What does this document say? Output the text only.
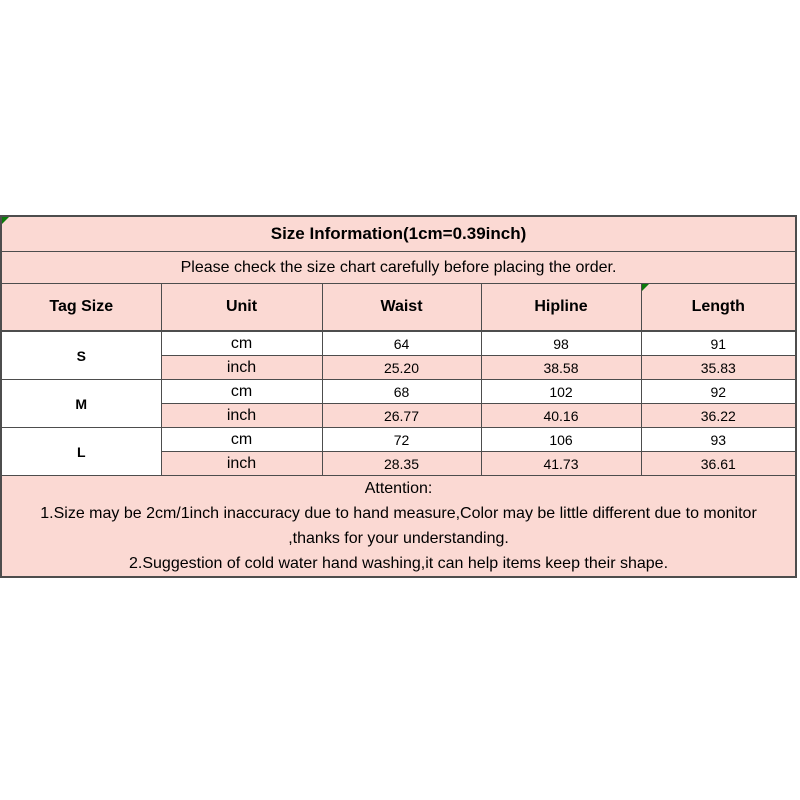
Size Information(1cm=0.39inch)				
Please check the size chart carefully before placing the order.				
Tag Size	Unit	Waist	Hipline	Length
S	cm	64	98	91
	inch	25.20	38.58	35.83
M	cm	68	102	92
	inch	26.77	40.16	36.22
L	cm	72	106	93
	inch	28.35	41.73	36.61

Attention:
1.Size may be 2cm/1inch inaccuracy due to hand measure,Color may be little different due to monitor
,thanks for your understanding.
2.Suggestion of cold water hand washing,it can help items keep their shape.				
